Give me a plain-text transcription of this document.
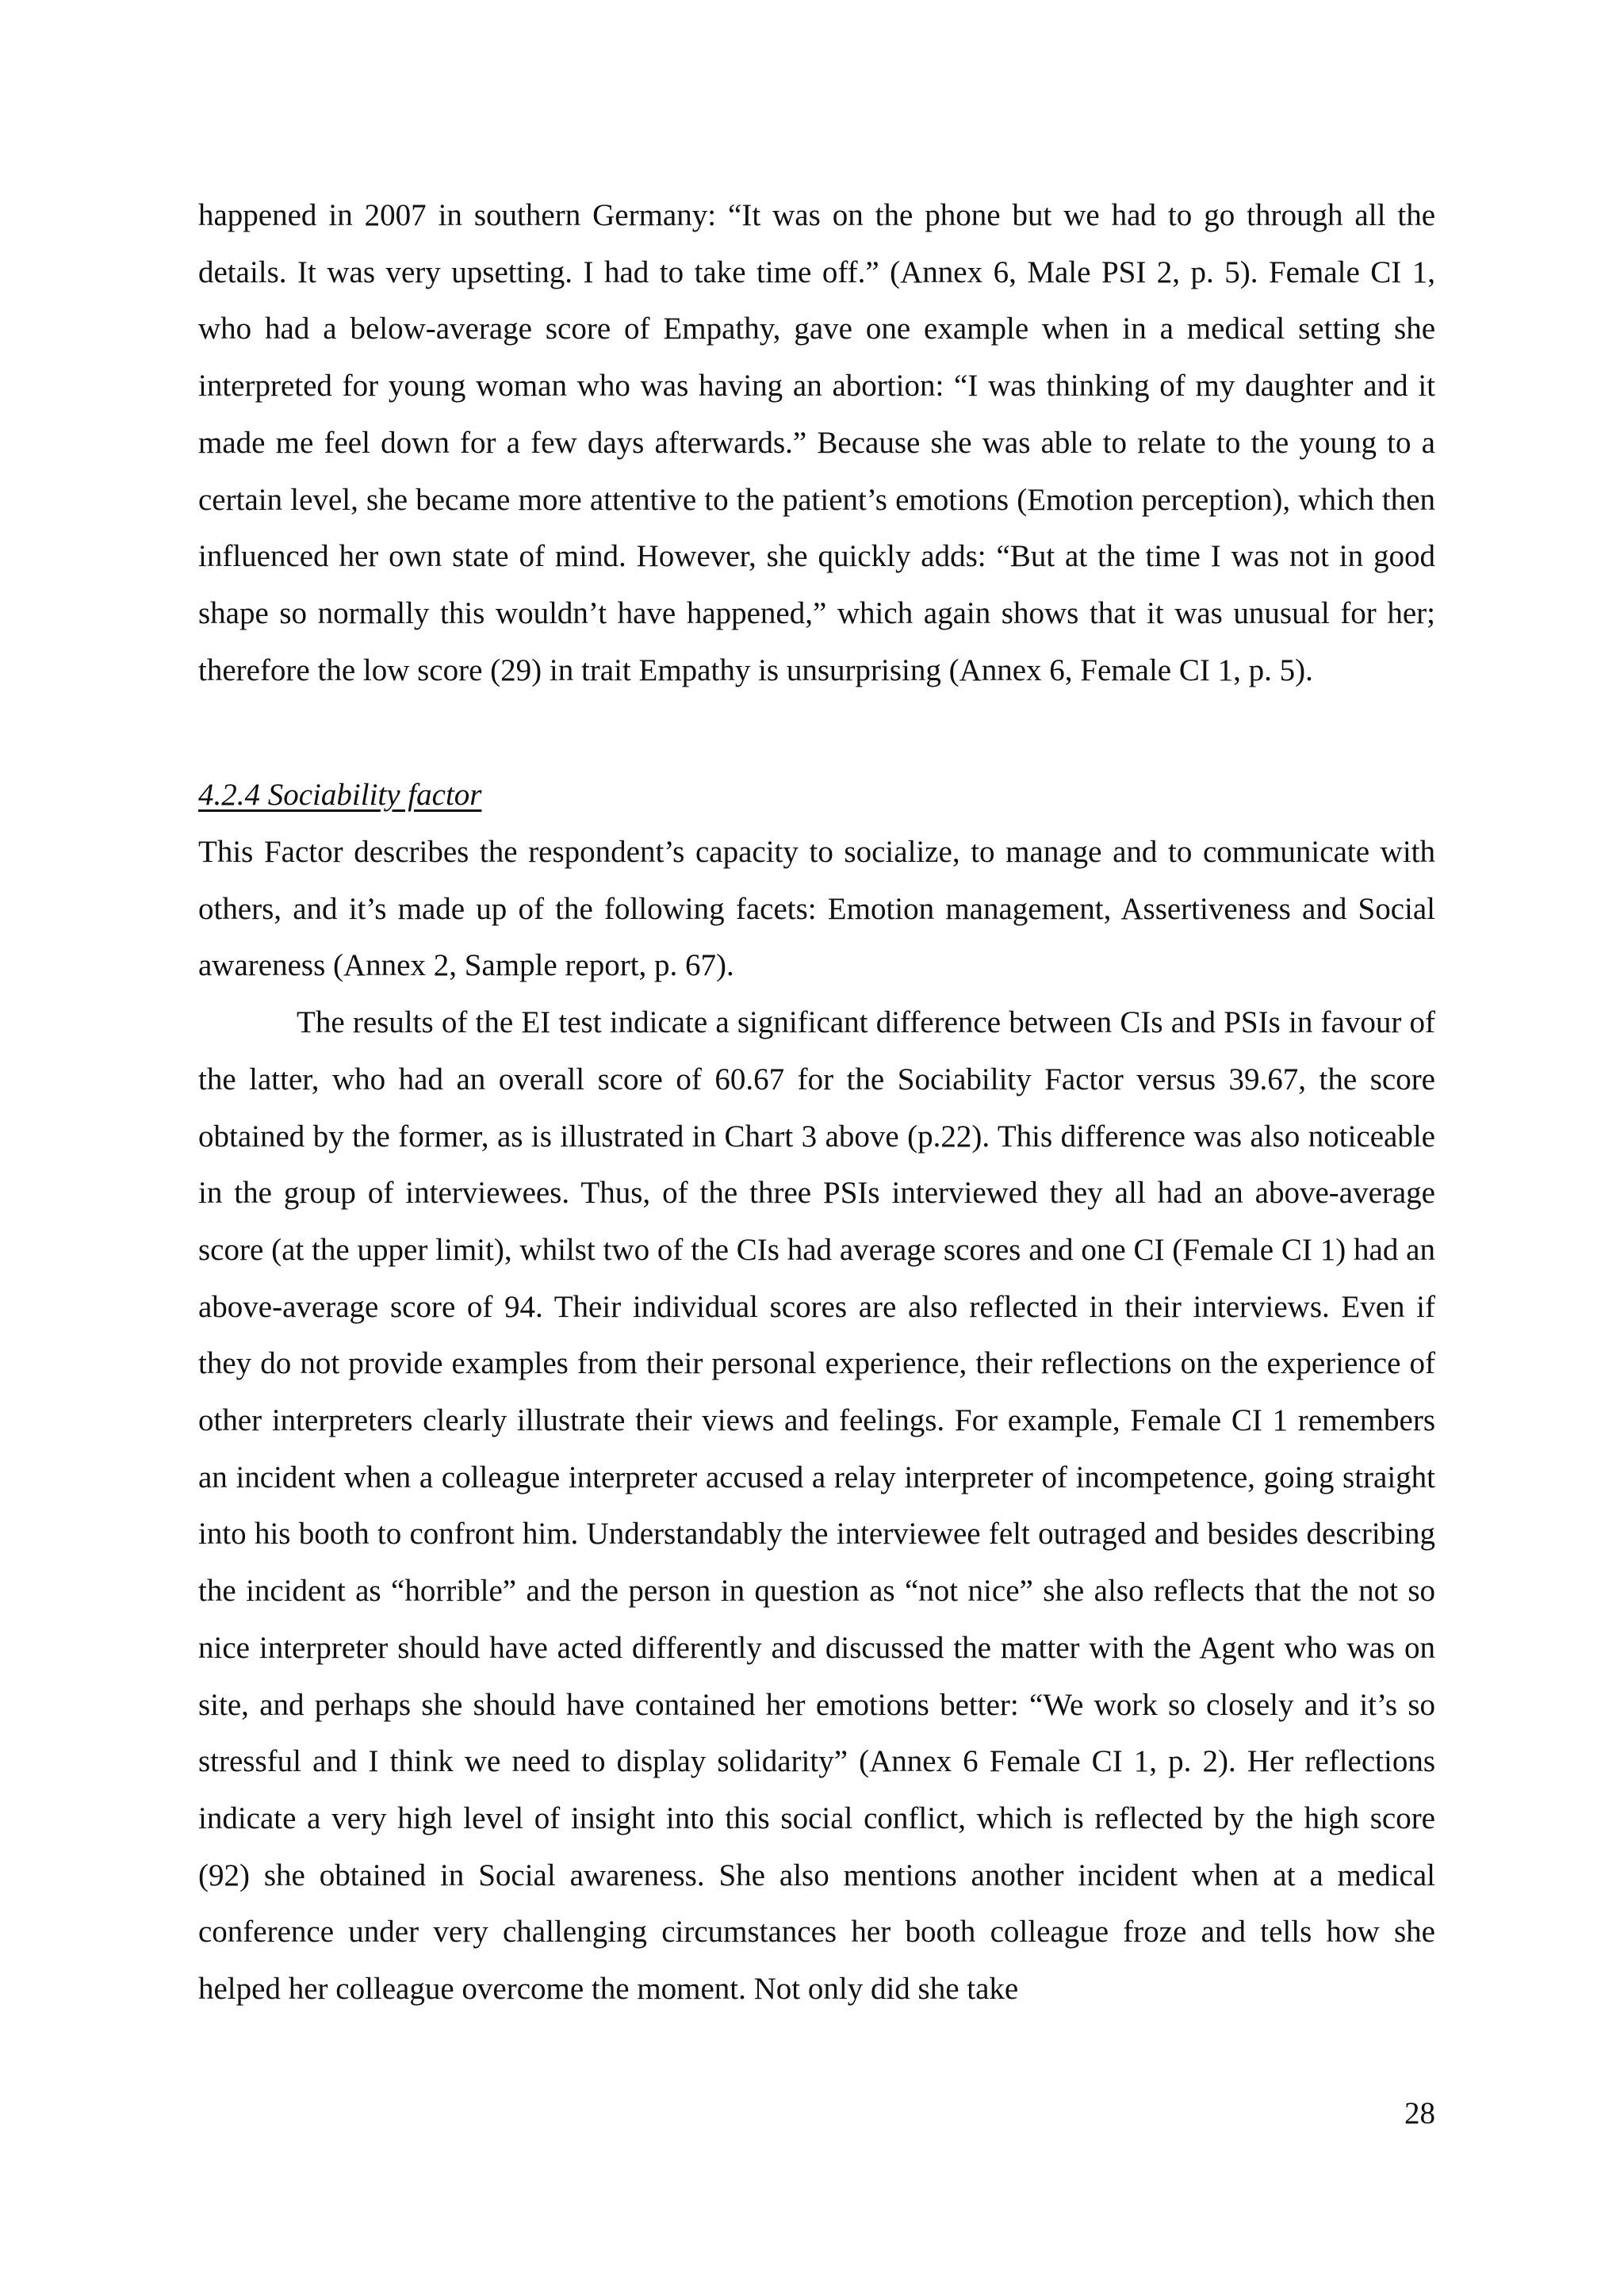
happened in 2007 in southern Germany: “It was on the phone but we had to go through all the details. It was very upsetting. I had to take time off.” (Annex 6, Male PSI 2, p. 5). Female CI 1, who had a below-average score of Empathy, gave one example when in a medical setting she interpreted for young woman who was having an abortion: “I was thinking of my daughter and it made me feel down for a few days afterwards.” Because she was able to relate to the young to a certain level, she became more attentive to the patient’s emotions (Emotion perception), which then influenced her own state of mind. However, she quickly adds: “But at the time I was not in good shape so normally this wouldn’t have happened,” which again shows that it was unusual for her; therefore the low score (29) in trait Empathy is unsurprising (Annex 6, Female CI 1, p. 5).

4.2.4 Sociability factor

This Factor describes the respondent’s capacity to socialize, to manage and to communicate with others, and it’s made up of the following facets: Emotion management, Assertiveness and Social awareness (Annex 2, Sample report, p. 67).

The results of the EI test indicate a significant difference between CIs and PSIs in favour of the latter, who had an overall score of 60.67 for the Sociability Factor versus 39.67, the score obtained by the former, as is illustrated in Chart 3 above (p.22). This difference was also noticeable in the group of interviewees. Thus, of the three PSIs interviewed they all had an above-average score (at the upper limit), whilst two of the CIs had average scores and one CI (Female CI 1) had an above-average score of 94. Their individual scores are also reflected in their interviews. Even if they do not provide examples from their personal experience, their reflections on the experience of other interpreters clearly illustrate their views and feelings. For example, Female CI 1 remembers an incident when a colleague interpreter accused a relay interpreter of incompetence, going straight into his booth to confront him. Understandably the interviewee felt outraged and besides describing the incident as “horrible” and the person in question as “not nice” she also reflects that the not so nice interpreter should have acted differently and discussed the matter with the Agent who was on site, and perhaps she should have contained her emotions better: “We work so closely and it’s so stressful and I think we need to display solidarity” (Annex 6 Female CI 1, p. 2). Her reflections indicate a very high level of insight into this social conflict, which is reflected by the high score (92) she obtained in Social awareness. She also mentions another incident when at a medical conference under very challenging circumstances her booth colleague froze and tells how she helped her colleague overcome the moment. Not only did she take

28
